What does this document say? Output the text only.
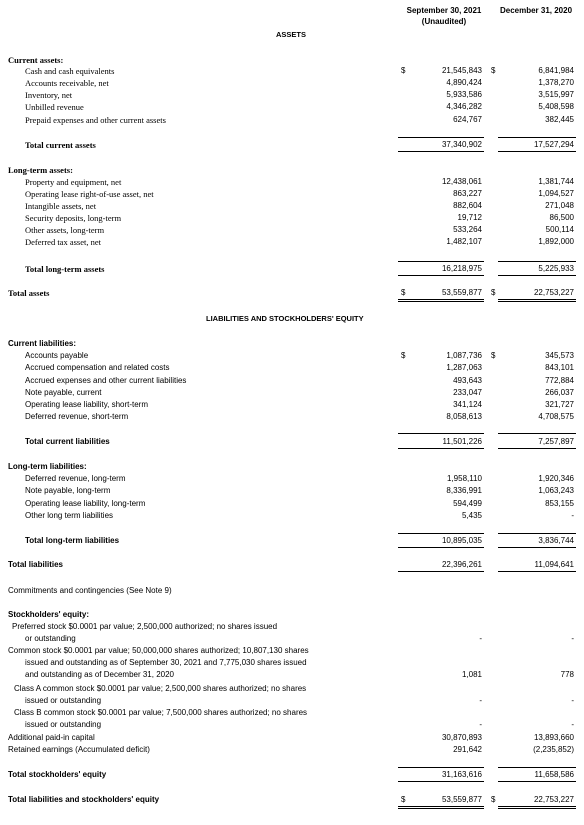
September 30, 2021
(Unaudited)
December 31, 2020
ASSETS
Current assets:
Cash and cash equivalents	$	21,545,843 $	6,841,984
Accounts receivable, net	4,890,424	1,378,270
Inventory, net	5,933,586	3,515,997
Unbilled revenue	4,346,282	5,408,598
Prepaid expenses and other current assets	624,767	382,445
Total current assets	37,340,902	17,527,294
Long-term assets:
Property and equipment, net	12,438,061	1,381,744
Operating lease right-of-use asset, net	863,227	1,094,527
Intangible assets, net	882,604	271,048
Security deposits, long-term	19,712	86,500
Other assets, long-term	533,264	500,114
Deferred tax asset, net	1,482,107	1,892,000
Total long-term assets	16,218,975	5,225,933
Total assets	$	53,559,877 $	22,753,227
LIABILITIES AND STOCKHOLDERS' EQUITY
Current liabilities:
Accounts payable	$	1,087,736 $	345,573
Accrued compensation and related costs	1,287,063	843,101
Accrued expenses and other current liabilities	493,643	772,884
Note payable, current	233,047	266,037
Operating lease liability, short-term	341,124	321,727
Deferred revenue, short-term	8,058,613	4,708,575
Total current liabilities	11,501,226	7,257,897
Long-term liabilities:
Deferred revenue, long-term	1,958,110	1,920,346
Note payable, long-term	8,336,991	1,063,243
Operating lease liability, long-term	594,499	853,155
Other long term liabilities	5,435	-
Total long-term liabilities	10,895,035	3,836,744
Total liabilities	22,396,261	11,094,641
Commitments and contingencies (See Note 9)
Stockholders' equity:
Preferred stock $0.0001 par value; 2,500,000 authorized; no shares issued
or outstanding	-	-
Common stock $0.0001 par value; 50,000,000 shares authorized; 10,807,130 shares
issued and outstanding as of September 30, 2021 and 7,775,030 shares issued
and outstanding as of December 31, 2020	1,081	778
Class A common stock $0.0001 par value; 2,500,000 shares authorized; no shares
issued or outstanding	-	-
Class B common stock $0.0001 par value; 7,500,000 shares authorized; no shares
issued or outstanding	-	-
Additional paid-in capital	30,870,893	13,893,660
Retained earnings (Accumulated deficit)	291,642	(2,235,852)
Total stockholders' equity	31,163,616	11,658,586
Total liabilities and stockholders' equity	$	53,559,877 $	22,753,227
